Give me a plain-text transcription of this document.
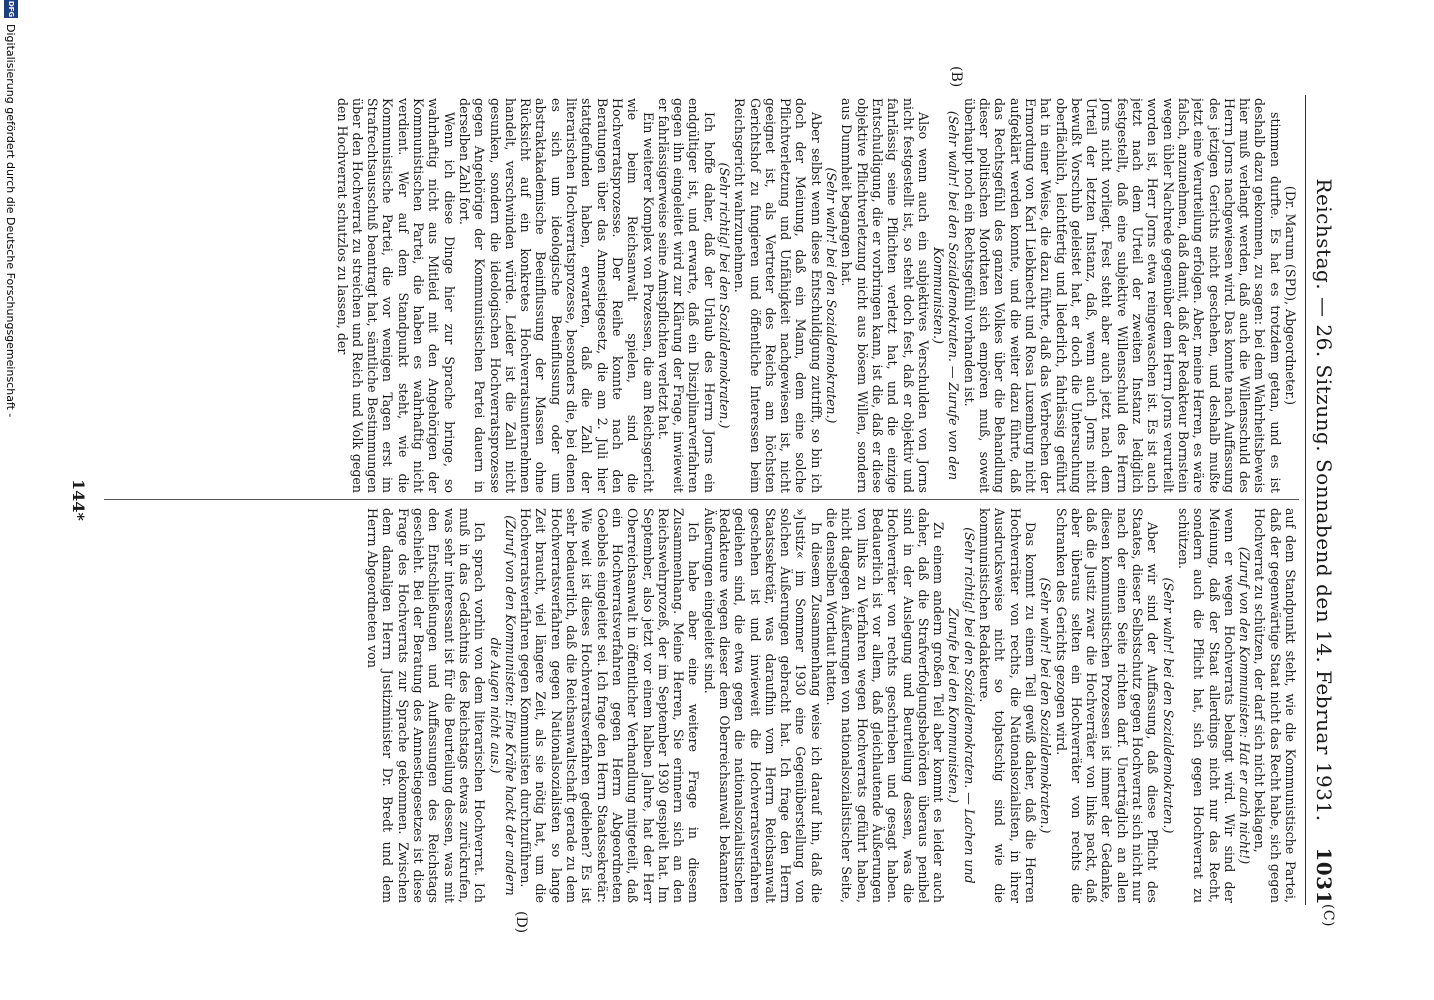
Reichstag. — 26. Sitzung. Sonnabend den 14. Februar 1931.
1031
(C)
(B)
(D)

(Dr. Marum (SPD), Abgeordneter.)

stimmen durfte. Es hat es trotzdem getan, und es ist deshalb dazu gekommen, zu sagen: bei dem Wahrheitsbeweis hier muß verlangt werden, daß auch die Willensschuld des Herrn Jorns nachgewiesen wird. Das konnte nach Auffassung des jetzigen Gerichts nicht geschehen, und deshalb mußte jetzt eine Verurteilung erfolgen. Aber, meine Herren, es wäre falsch, anzunehmen, daß damit, daß der Redakteur Bornstein wegen übler Nachrede gegenüber dem Herrn Jorns verurteilt worden ist, Herr Jorns etwa reingewaschen ist. Es ist auch jetzt nach dem Urteil der zweiten Instanz lediglich festgestellt, daß eine subjektive Willensschuld des Herrn Jorns nicht vorliegt. Fest steht aber auch jetzt nach dem Urteil der letzten Instanz, daß, wenn auch Jorns nicht bewußt Vorschub geleistet hat, er doch die Untersuchung oberflächlich, leichtfertig und liederlich, fahrlässig geführt hat in einer Weise, die dazu führte, daß das Verbrechen der Ermordung von Karl Liebknecht und Rosa Luxemburg nicht aufgeklärt werden konnte, und die weiter dazu führte, daß das Rechtsgefühl des ganzen Volkes über die Behandlung dieser politischen Mordtaten sich empören muß, soweit überhaupt noch ein Rechtsgefühl vorhanden ist.

(Sehr wahr! bei den Sozialdemokraten. — Zurufe von den Kommunisten.)

Also wenn auch ein subjektives Verschulden von Jorns nicht festgestellt ist, so steht doch fest, daß er objektiv und fahrlässig seine Pflichten verletzt hat, und die einzige Entschuldigung, die er vorbringen kann, ist die, daß er diese objektive Pflichtverletzung nicht aus bösem Willen, sondern aus Dummheit begangen hat.

(Sehr wahr! bei den Sozialdemokraten.)

Aber selbst wenn diese Entschuldigung zutrifft, so bin ich doch der Meinung, daß ein Mann, dem eine solche Pflichtverletzung und Unfähigkeit nachgewiesen ist, nicht geeignet ist, als Vertreter des Reichs am höchsten Gerichtshof zu fungieren und öffentliche Interessen beim Reichsgericht wahrzunehmen.

(Sehr richtig! bei den Sozialdemokraten.)

Ich hoffe daher, daß der Urlaub des Herrn Jorns ein endgültiger ist, und erwarte, daß ein Disziplinarverfahren gegen ihn eingeleitet wird zur Klärung der Frage, inwieweit er fahrlässigerweise seine Amtspflichten verletzt hat.

Ein weiterer Komplex von Prozessen, die am Reichsgericht wie beim Reichsanwalt spielen, sind die Hochverratsprozesse. Der Reihe konnte nach den Beratungen über das Amnestiegesetz, die am 2. Juli hier stattgefunden haben, erwarten, daß die Zahl der literarischen Hochverratsprozesse, besonders die, bei denen es sich um ideologische Beeinflussung oder um abstraktakademische Beeinflussung der Massen ohne Rücksicht auf ein konkretes Hochverratsunternehmen handelt, verschwinden würde. Leider ist die Zahl nicht gesunken, sondern die ideologischen Hochverratsprozesse gegen Angehörige der Kommunistischen Partei dauern in derselben Zahl fort.

Wenn ich diese Dinge hier zur Sprache bringe, so wahrhaftig nicht aus Mitleid mit den Angehörigen der Kommunistischen Partei, die haben es wahrhaftig nicht verdient. Wer auf dem Standpunkt steht, wie die Kommunistische Partei, die vor wenigen Tagen erst im Strafrechtsausschuß beantragt hat, sämtliche Bestimmungen über den Hochverrat zu streichen und Reich und Volk gegen den Hochverrat schutzlos zu lassen, der

auf dem Standpunkt steht, wie die Kommunistische Partei, daß der gegenwärtige Staat nicht das Recht habe, sich gegen Hochverrat zu schützen, der darf sich nicht beklagen,

(Zuruf von den Kommunisten: Hat er auch nicht!)

wenn er wegen Hochverrats belangt wird. Wir sind der Meinung, daß der Staat allerdings nicht nur das Recht, sondern auch die Pflicht hat, sich gegen Hochverrat zu schützen.

(Sehr wahr! bei den Sozialdemokraten.)

Aber wir sind der Auffassung, daß diese Pflicht des Staates, dieser Selbstschutz gegen Hochverrat sich nicht nur nach der einen Seite richten darf. Unerträglich an allen diesen kommunistischen Prozessen ist immer der Gedanke, daß die Justiz zwar die Hochverräter von links packt, daß aber überaus selten ein Hochverräter von rechts die Schranken des Gerichts gezogen wird.

(Sehr wahr! bei den Sozialdemokraten.)

Das kommt zu einem Teil gewiß daher, daß die Herren Hochverräter von rechts, die Nationalsozialisten, in ihrer Ausdrucksweise nicht so tolpatschig sind wie die kommunistischen Redakteure.

(Sehr richtig! bei den Sozialdemokraten. — Lachen und Zurufe bei den Kommunisten.)

Zu einem andern großen Teil aber kommt es leider auch daher, daß die Strafverfolgungsbehörden überaus penibel sind in der Auslegung und Beurteilung dessen, was die Hochverräter von rechts geschrieben und gesagt haben. Bedauerlich ist vor allem, daß gleichlautende Äußerungen von links zu Verfahren wegen Hochverrats geführt haben, nicht dagegen Äußerungen von nationalsozialistischer Seite, die denselben Wortlaut hatten.

In diesem Zusammenhang weise ich darauf hin, daß die »Justiz« im Sommer 1930 eine Gegenüberstellung von solchen Äußerungen gebracht hat. Ich frage den Herrn Staatssekretär, was daraufhin vom Herrn Reichsanwalt geschehen ist und inwieweit die Hochverratsverfahren gediehen sind, die etwa gegen die nationalsozialistischen Redakteure wegen dieser dem Oberreichsanwalt bekannten Äußerungen eingeleitet sind.

Ich habe aber eine weitere Frage in diesem Zusammenhang. Meine Herren, Sie erinnern sich an den Reichswehrprozeß, der im September 1930 gespielt hat. Im September, also jetzt vor einem halben Jahre, hat der Herr Oberreichsanwalt in öffentlicher Verhandlung mitgeteilt, daß ein Hochverratsverfahren gegen Herrn Abgeordneten Goebbels eingeleitet sei. Ich frage den Herrn Staatssekretär: Wie weit ist dieses Hochverratsverfahren gediehen? Es ist sehr bedauerlich, daß die Reichsanwaltschaft gerade zu dem Hochverratsverfahren gegen Nationalsozialisten so lange Zeit braucht, viel längere Zeit, als sie nötig hat, um die Hochverratsverfahren gegen Kommunisten durchzuführen.

(Zuruf von den Kommunisten: Eine Krähe hackt der andern die Augen nicht aus.)

Ich sprach vorhin von dem literarischen Hochverrat. Ich muß in das Gedächtnis des Reichstags etwas zurückrufen, was sehr interessant ist für die Beurteilung dessen, was mit den Entschließungen und Auffassungen des Reichstags geschieht. Bei der Beratung des Amnestiegesetzes ist diese Frage des Hochverrats zur Sprache gekommen. Zwischen dem damaligen Herrn Justizminister Dr. Bredt und dem Herrn Abgeordneten von

144*
DFG
Digitalisierung gefördert durch die Deutsche Forschungsgemeinschaft -
